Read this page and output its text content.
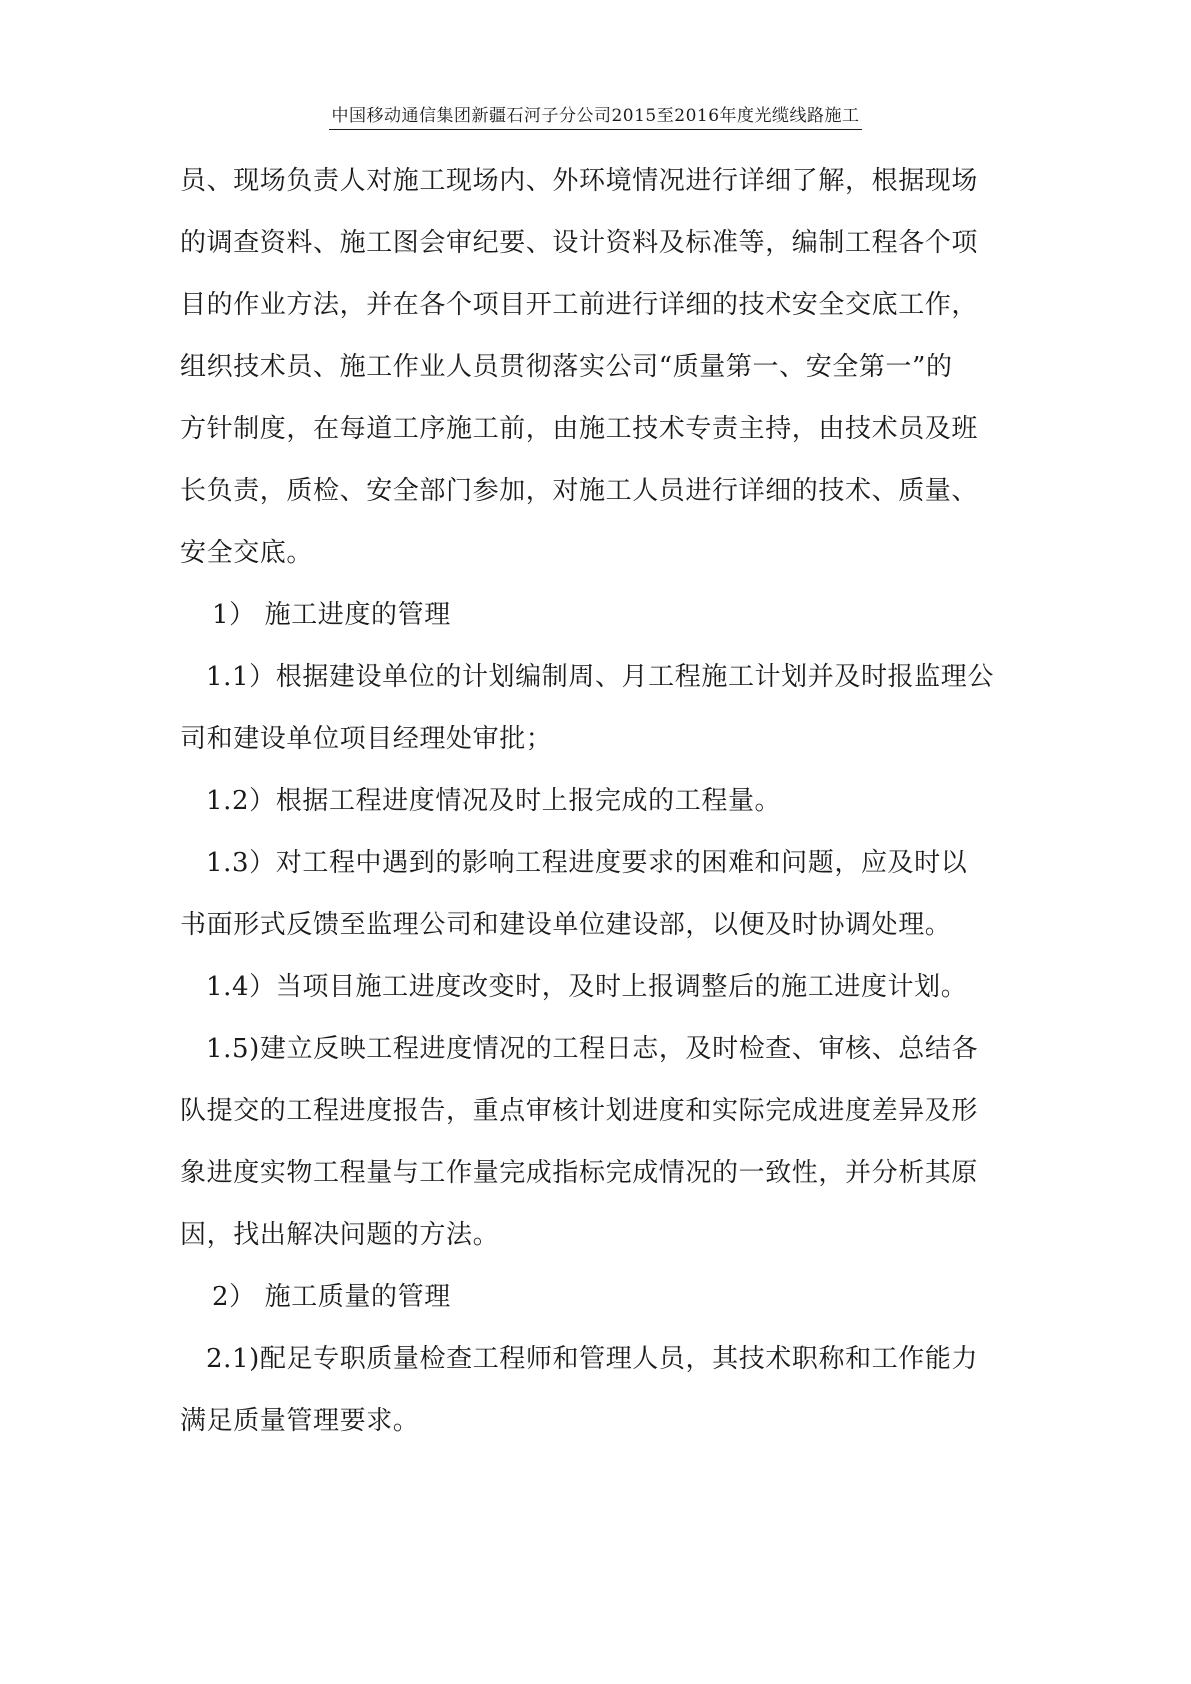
中国移动通信集团新疆石河子分公司2015至2016年度光缆线路施工
员、现场负责人对施工现场内、外环境情况进行详细了解，根据现场
的调查资料、施工图会审纪要、设计资料及标准等，编制工程各个项
目的作业方法，并在各个项目开工前进行详细的技术安全交底工作，
组织技术员、施工作业人员贯彻落实公司“质量第一、安全第一”的
方针制度，在每道工序施工前，由施工技术专责主持，由技术员及班
长负责，质检、安全部门参加，对施工人员进行详细的技术、质量、
安全交底。
1） 施工进度的管理
1.1）根据建设单位的计划编制周、月工程施工计划并及时报监理公
司和建设单位项目经理处审批；
1.2）根据工程进度情况及时上报完成的工程量。
1.3）对工程中遇到的影响工程进度要求的困难和问题，应及时以
书面形式反馈至监理公司和建设单位建设部，以便及时协调处理。
1.4）当项目施工进度改变时，及时上报调整后的施工进度计划。
1.5)建立反映工程进度情况的工程日志，及时检查、审核、总结各
队提交的工程进度报告，重点审核计划进度和实际完成进度差异及形
象进度实物工程量与工作量完成指标完成情况的一致性，并分析其原
因，找出解决问题的方法。
2） 施工质量的管理
2.1)配足专职质量检查工程师和管理人员，其技术职称和工作能力
满足质量管理要求。
